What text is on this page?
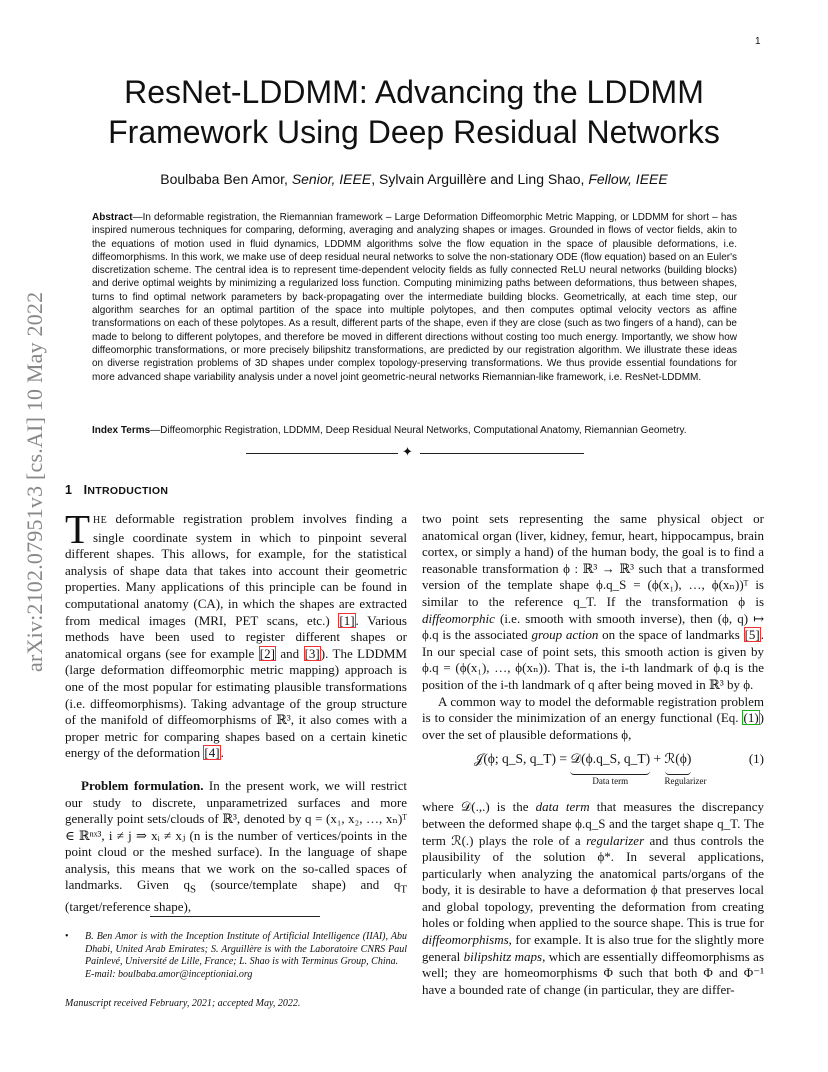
1
arXiv:2102.07951v3 [cs.AI] 10 May 2022
ResNet-LDDMM: Advancing the LDDMM Framework Using Deep Residual Networks
Boulbaba Ben Amor, Senior, IEEE, Sylvain Arguillère and Ling Shao, Fellow, IEEE
Abstract—In deformable registration, the Riemannian framework – Large Deformation Diffeomorphic Metric Mapping, or LDDMM for short – has inspired numerous techniques for comparing, deforming, averaging and analyzing shapes or images. Grounded in flows of vector fields, akin to the equations of motion used in fluid dynamics, LDDMM algorithms solve the flow equation in the space of plausible deformations, i.e. diffeomorphisms. In this work, we make use of deep residual neural networks to solve the non-stationary ODE (flow equation) based on an Euler's discretization scheme. The central idea is to represent time-dependent velocity fields as fully connected ReLU neural networks (building blocks) and derive optimal weights by minimizing a regularized loss function. Computing minimizing paths between deformations, thus between shapes, turns to find optimal network parameters by back-propagating over the intermediate building blocks. Geometrically, at each time step, our algorithm searches for an optimal partition of the space into multiple polytopes, and then computes optimal velocity vectors as affine transformations on each of these polytopes. As a result, different parts of the shape, even if they are close (such as two fingers of a hand), can be made to belong to different polytopes, and therefore be moved in different directions without costing too much energy. Importantly, we show how diffeomorphic transformations, or more precisely bilipshitz transformations, are predicted by our registration algorithm. We illustrate these ideas on diverse registration problems of 3D shapes under complex topology-preserving transformations. We thus provide essential foundations for more advanced shape variability analysis under a novel joint geometric-neural networks Riemannian-like framework, i.e. ResNet-LDDMM.
Index Terms—Diffeomorphic Registration, LDDMM, Deep Residual Neural Networks, Computational Anatomy, Riemannian Geometry.
✦
1 INTRODUCTION

THE deformable registration problem involves finding a single coordinate system in which to pinpoint several different shapes. This allows, for example, for the statistical analysis of shape data that takes into account their geometric properties. Many applications of this principle can be found in computational anatomy (CA), in which the shapes are extracted from medical images (MRI, PET scans, etc.) [1]. Various methods have been used to register different shapes or anatomical organs (see for example [2] and [3]). The LDDMM (large deformation diffeomorphic metric mapping) approach is one of the most popular for estimating plausible transformations (i.e. diffeomorphisms). Taking advantage of the group structure of the manifold of diffeomorphisms of ℝ³, it also comes with a proper metric for comparing shapes based on a certain kinetic energy of the deformation [4].

Problem formulation. In the present work, we will restrict our study to discrete, unparametrized surfaces and more generally point sets/clouds of ℝ³, denoted by q = (x₁, x₂, …, xₙ)ᵀ ∈ ℝⁿˣ³, i ≠ j ⇒ xᵢ ≠ xⱼ (n is the number of vertices/points in the point cloud or the meshed surface). In the language of shape analysis, this means that we work on the so-called spaces of landmarks. Given $q_S$ (source/template shape) and $q_T$ (target/reference shape),

two point sets representing the same physical object or anatomical organ (liver, kidney, femur, heart, hippocampus, brain cortex, or simply a hand) of the human body, the goal is to find a reasonable transformation ϕ : ℝ³ → ℝ³ such that a transformed version of the template shape ϕ.q_S = (ϕ(x₁), …, ϕ(xₙ))ᵀ is similar to the reference q_T. If the transformation ϕ is diffeomorphic (i.e. smooth with smooth inverse), then (ϕ, q) ↦ ϕ.q is the associated group action on the space of landmarks [5]. In our special case of point sets, this smooth action is given by ϕ.q = (ϕ(x₁), …, ϕ(xₙ)). That is, the i-th landmark of ϕ.q is the position of the i-th landmark of q after being moved in ℝ³ by ϕ.

A common way to model the deformable registration problem is to consider the minimization of an energy functional (Eq. (1)) over the set of plausible deformations ϕ,

𝒥(ϕ; q_S, q_T) = 𝒟(ϕ.q_S, q_T)
Data term
+ ℛ(ϕ)
Regularizer
(1)

where 𝒟(.,.) is the data term that measures the discrepancy between the deformed shape ϕ.q_S and the target shape q_T. The term ℛ(.) plays the role of a regularizer and thus controls the plausibility of the solution ϕ*. In several applications, particularly when analyzing the anatomical parts/organs of the body, it is desirable to have a deformation ϕ that preserves local and global topology, preventing the deformation from creating holes or folding when applied to the source shape. This is true for diffeomorphisms, for example. It is also true for the slightly more general bilipshitz maps, which are essentially diffeomorphisms as well; they are homeomorphisms Φ such that both Φ and Φ⁻¹ have a bounded rate of change (in particular, they are differ-

• B. Ben Amor is with the Inception Institute of Artificial Intelligence (IIAI), Abu Dhabi, United Arab Emirates; S. Arguillère is with the Laboratoire CNRS Paul Painlevé, Université de Lille, France; L. Shao is with Terminus Group, China.
E-mail: boulbaba.amor@inceptioniai.org
Manuscript received February, 2021; accepted May, 2022.
